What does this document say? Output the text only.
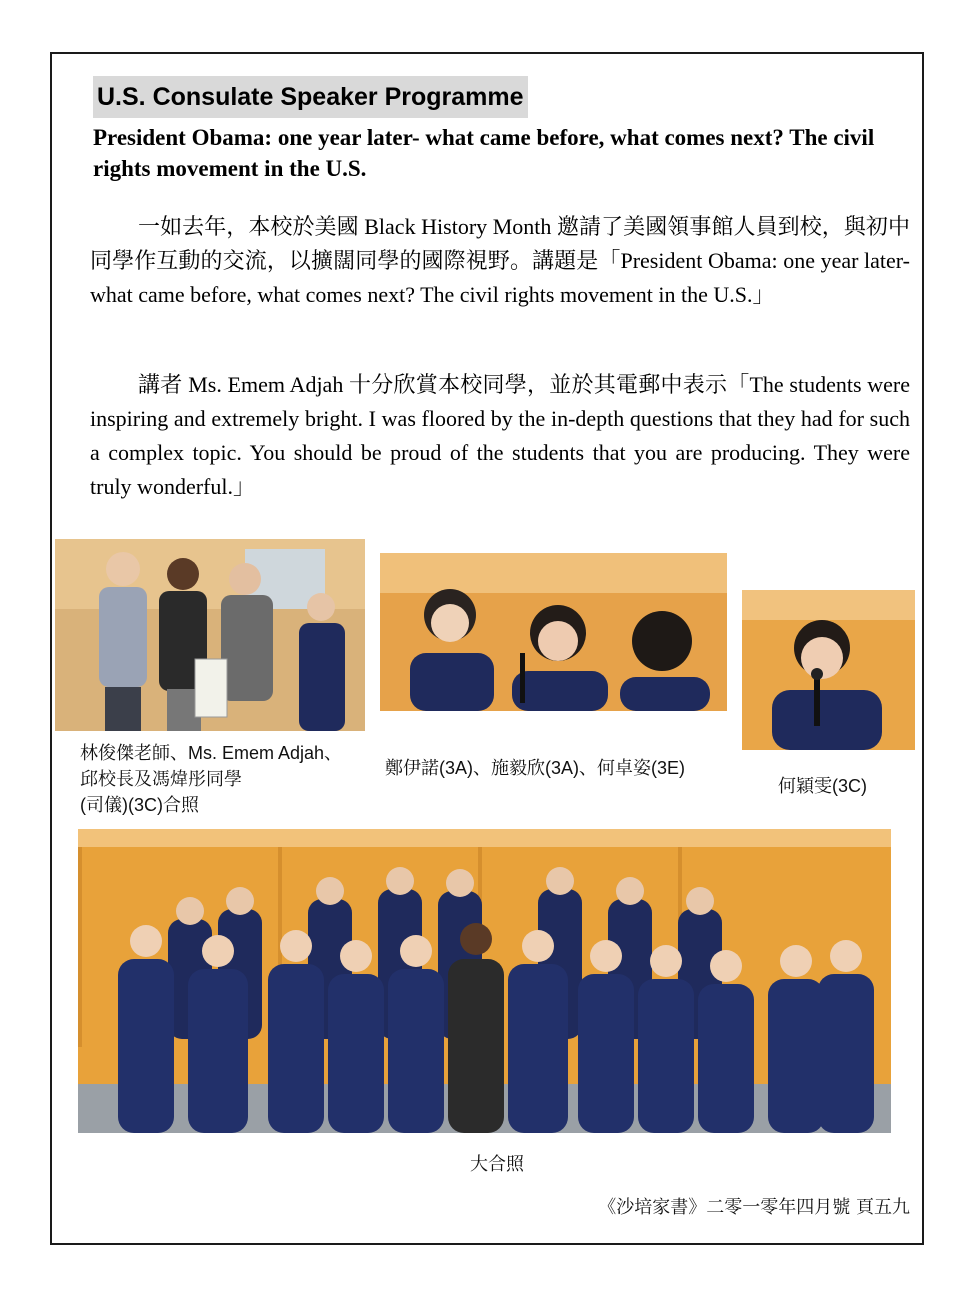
U.S. Consulate Speaker Programme
President Obama: one year later- what came before, what comes next? The civil rights movement in the U.S.

一如去年，本校於美國 Black History Month 邀請了美國領事館人員到校，與初中同學作互動的交流，以擴闊同學的國際視野。講題是「President Obama: one year later- what came before, what comes next? The civil rights movement in the U.S.」

講者 Ms. Emem Adjah 十分欣賞本校同學，並於其電郵中表示「The students were inspiring and extremely bright. I was floored by the in-depth questions that they had for such a complex topic. You should be proud of the students that you are producing. They were truly wonderful.」

林俊傑老師、Ms. Emem Adjah、
邱校長及馮煒彤同學
(司儀)(3C)合照
鄭伊諾(3A)、施毅欣(3A)、何卓姿(3E)
何穎雯(3C)
大合照
《沙培家書》二零一零年四月號 頁五九
